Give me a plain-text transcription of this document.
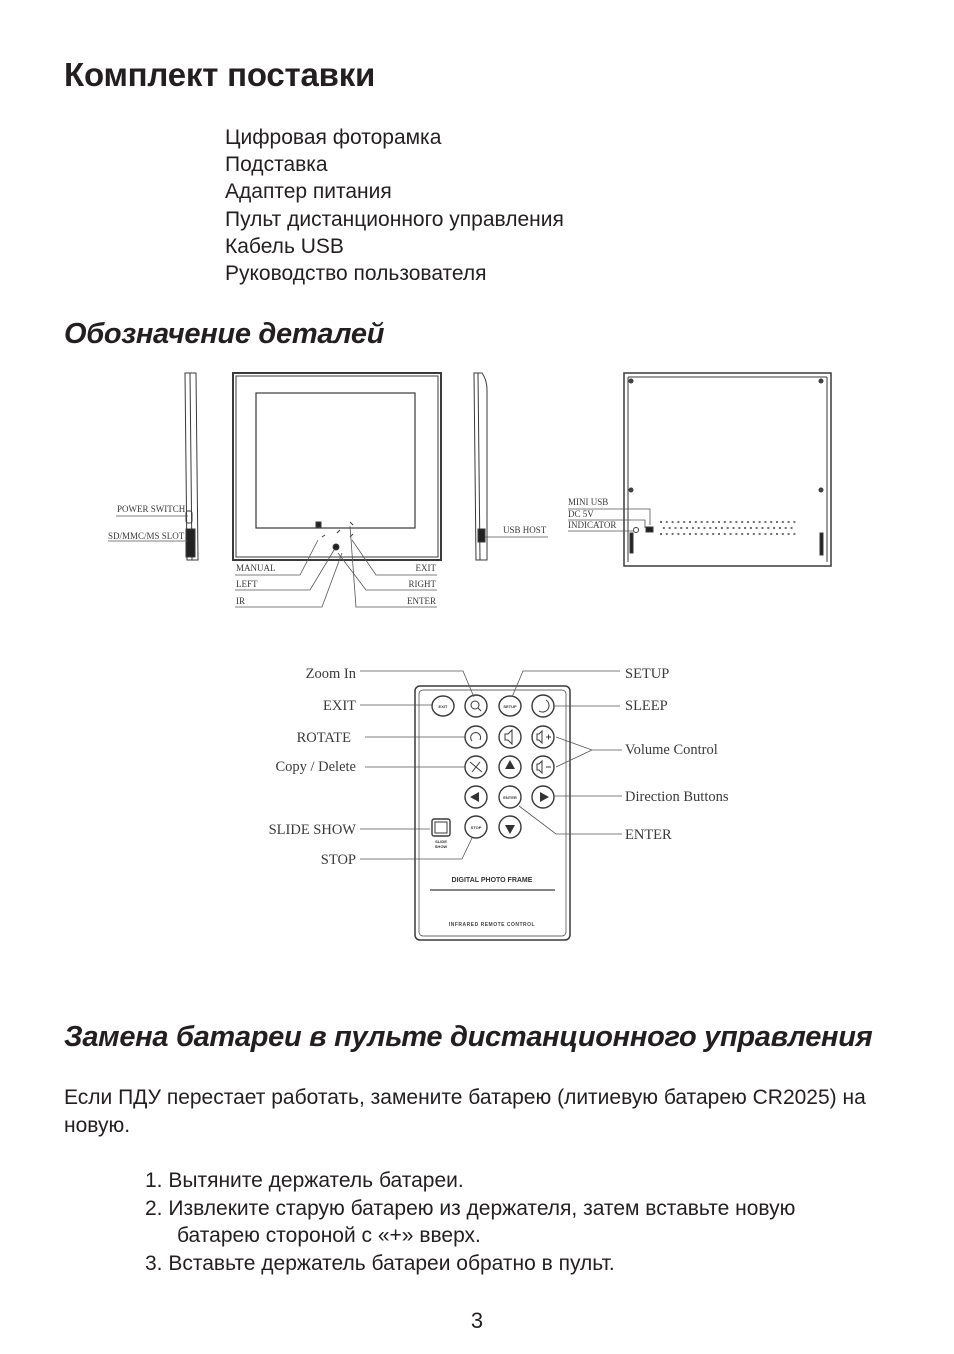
Комплект поставки
Цифровая фоторамка
Подставка
Адаптер питания
Пульт дистанционного управления
Кабель USB
Руководство пользователя
Обозначение деталей
POWER SWITCH
SD/MMC/MS SLOT
MANUAL
LEFT
IR
EXIT
RIGHT
ENTER
USB HOST
MINI USB
DC 5V
INDICATOR
EXIT	SETUP
ENTER
STOP
SLIDE
SHOW
DIGITAL PHOTO FRAME
INFRARED REMOTE CONTROL
Zoom In
EXIT
ROTATE
Copy / Delete
SLIDE SHOW
STOP
SETUP
SLEEP
Volume Control
Direction Buttons
ENTER
Замена батареи в пульте дистанционного управления

Если ПДУ перестает работать, замените батарею (литиевую батарею CR2025) на новую.

1. Вытяните держатель батареи.
2. Извлеките старую батарею из держателя, затем вставьте новую
батарею стороной с «+» вверх.
3. Вставьте держатель батареи обратно в пульт.
3
